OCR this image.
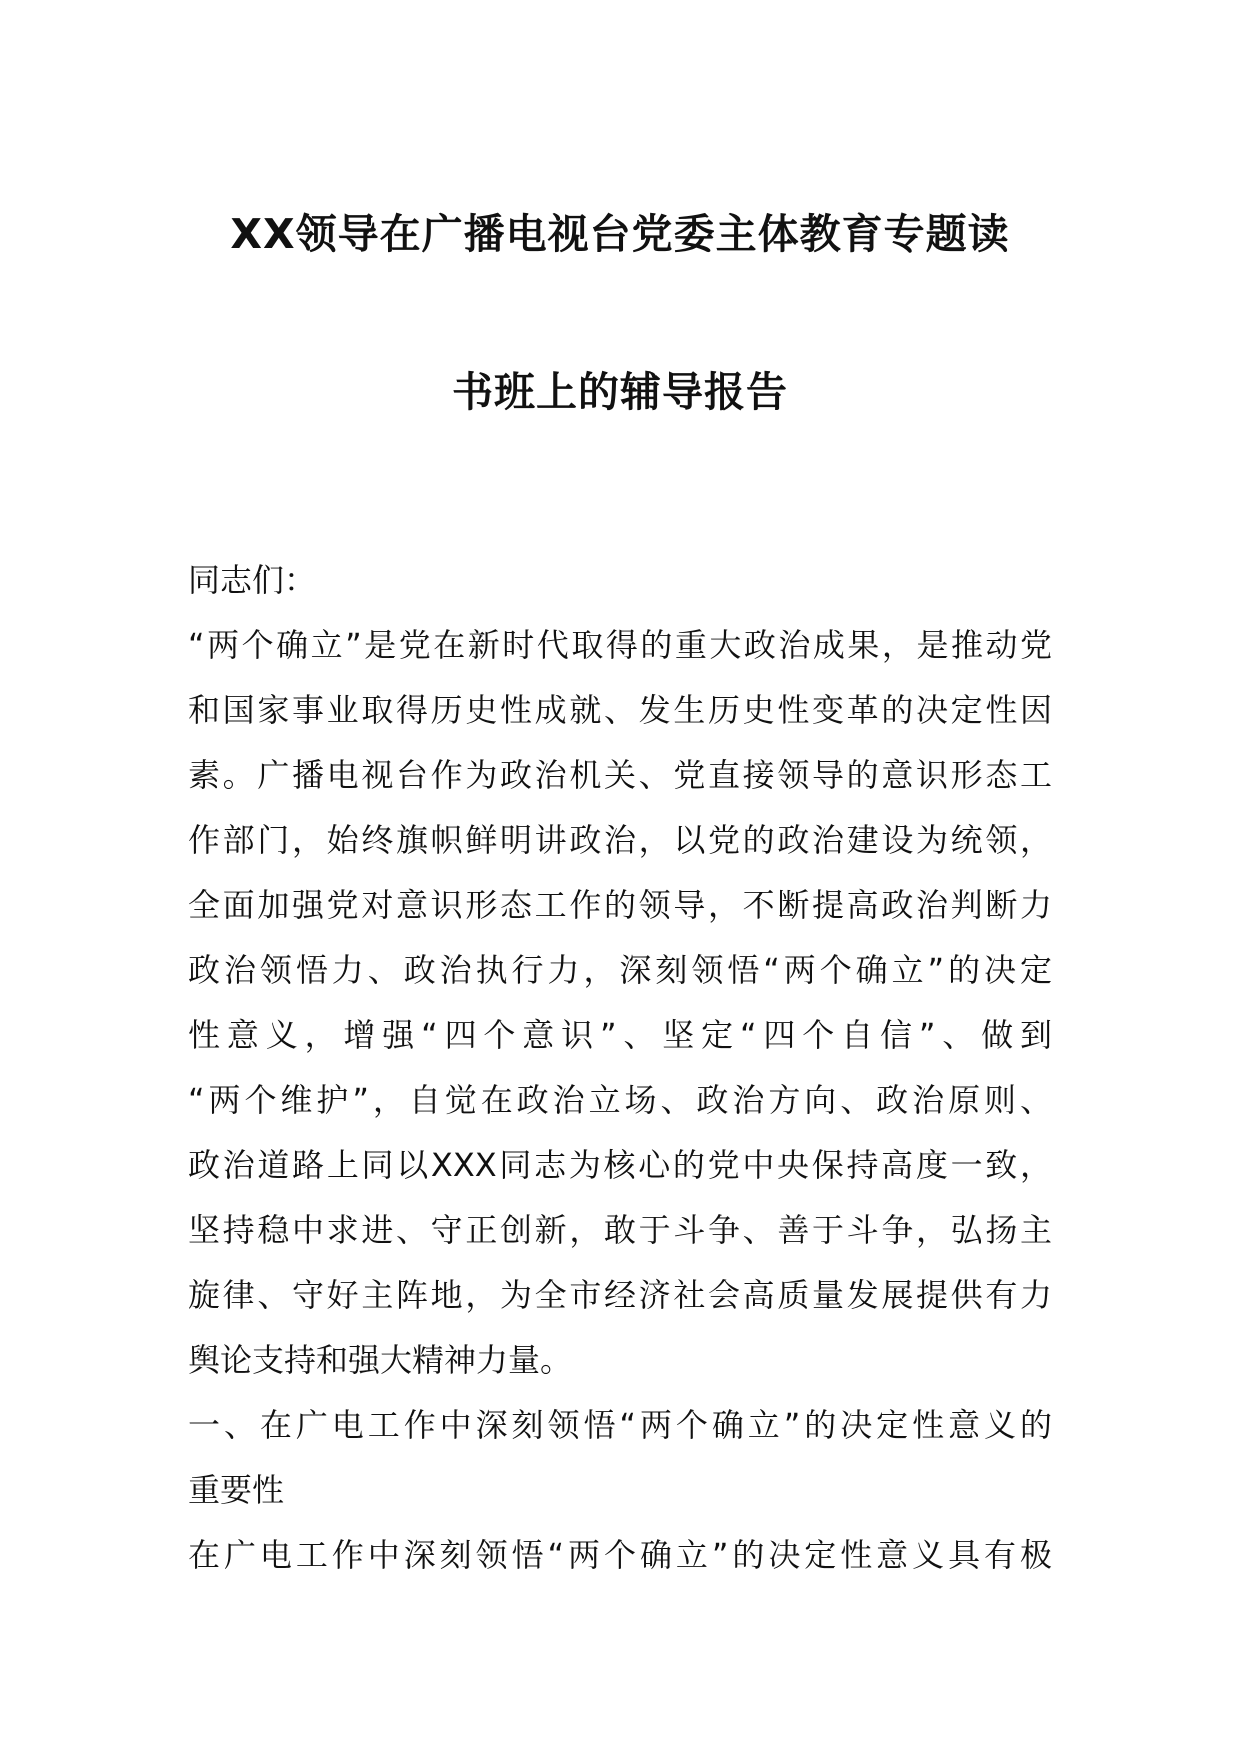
XX领导在广播电视台党委主体教育专题读
书班上的辅导报告
同志们：
“两个确立”是党在新时代取得的重大政治成果，是推动党
和国家事业取得历史性成就、发生历史性变革的决定性因
素。广播电视台作为政治机关、党直接领导的意识形态工
作部门，始终旗帜鲜明讲政治，以党的政治建设为统领，
全面加强党对意识形态工作的领导，不断提高政治判断力
政治领悟力、政治执行力，深刻领悟“两个确立”的决定
性意义，增强“四个意识”、坚定“四个自信”、做到
“两个维护”，自觉在政治立场、政治方向、政治原则、
政治道路上同以XXX同志为核心的党中央保持高度一致，
坚持稳中求进、守正创新，敢于斗争、善于斗争，弘扬主
旋律、守好主阵地，为全市经济社会高质量发展提供有力
舆论支持和强大精神力量。
一、在广电工作中深刻领悟“两个确立”的决定性意义的
重要性
在广电工作中深刻领悟“两个确立”的决定性意义具有极
